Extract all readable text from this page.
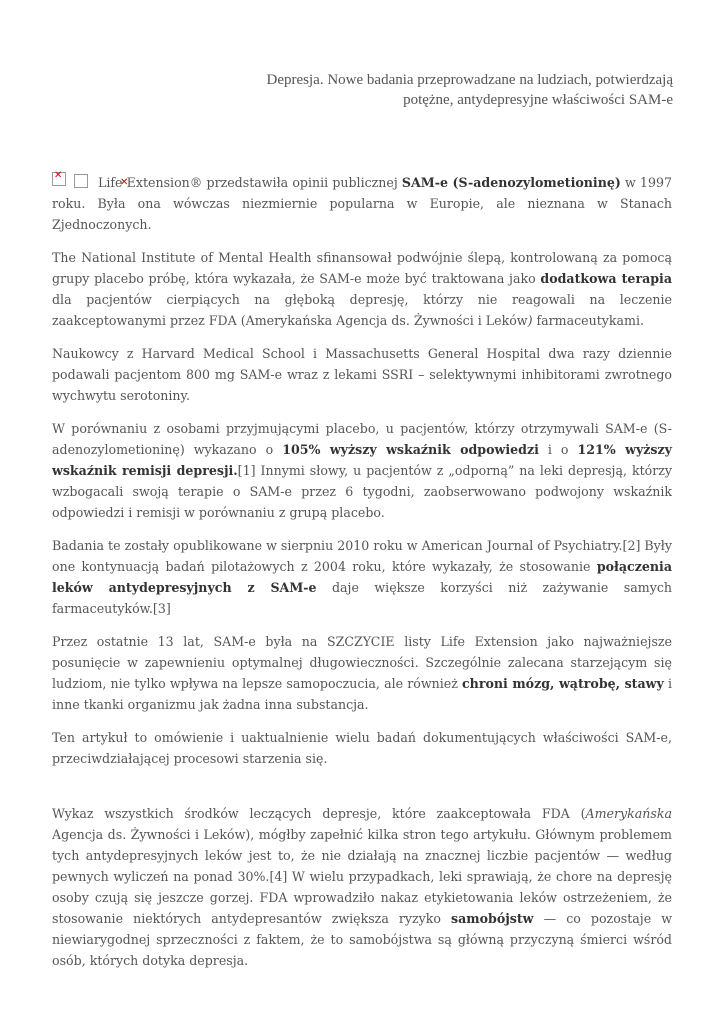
Depresja. Nowe badania przeprowadzane na ludziach, potwierdzają
potężne, antydepresyjne właściwości SAM-e
✕

✕Life Extension® przedstawiła opinii publicznej SAM-e (S-adenozylometioninę) w 1997 roku. Była ona wówczas niezmiernie popularna w Europie, ale nieznana w Stanach Zjednoczonych.

The National Institute of Mental Health sfinansował podwójnie ślepą, kontrolowaną za pomocą grupy placebo próbę, która wykazała, że SAM-e może być traktowana jako dodatkowa terapia dla pacjentów cierpiących na głęboką depresję, którzy nie reagowali na leczenie zaakceptowanymi przez FDA (Amerykańska Agencja ds. Żywności i Leków) farmaceutykami.

Naukowcy z Harvard Medical School i Massachusetts General Hospital dwa razy dziennie podawali pacjentom 800 mg SAM-e wraz z lekami SSRI – selektywnymi inhibitorami zwrotnego wychwytu serotoniny.

W porównaniu z osobami przyjmującymi placebo, u pacjentów, którzy otrzymywali SAM-e (S-adenozylometioninę) wykazano o 105% wyższy wskaźnik odpowiedzi i o 121% wyższy wskaźnik remisji depresji.[1] Innymi słowy, u pacjentów z „odporną” na leki depresją, którzy wzbogacali swoją terapie o SAM-e przez 6 tygodni, zaobserwowano podwojony wskaźnik odpowiedzi i remisji w porównaniu z grupą placebo.

Badania te zostały opublikowane w sierpniu 2010 roku w American Journal of Psychiatry.[2] Były one kontynuacją badań pilotażowych z 2004 roku, które wykazały, że stosowanie połączenia leków antydepresyjnych z SAM-e daje większe korzyści niż zażywanie samych farmaceutyków.[3]

Przez ostatnie 13 lat, SAM-e była na SZCZYCIE listy Life Extension jako najważniejsze posunięcie w zapewnieniu optymalnej długowieczności. Szczególnie zalecana starzejącym się ludziom, nie tylko wpływa na lepsze samopoczucia, ale również chroni mózg, wątrobę, stawy i inne tkanki organizmu jak żadna inna substancja.

Ten artykuł to omówienie i uaktualnienie wielu badań dokumentujących właściwości SAM-e, przeciwdziałającej procesowi starzenia się.

Wykaz wszystkich środków leczących depresje, które zaakceptowała FDA (Amerykańska Agencja ds. Żywności i Leków), mógłby zapełnić kilka stron tego artykułu. Głównym problemem tych antydepresyjnych leków jest to, że nie działają na znacznej liczbie pacjentów — według pewnych wyliczeń na ponad 30%.[4] W wielu przypadkach, leki sprawiają, że chore na depresję osoby czują się jeszcze gorzej. FDA wprowadziło nakaz etykietowania leków ostrzeżeniem, że stosowanie niektórych antydepresantów zwiększa ryzyko samobójstw — co pozostaje w niewiarygodnej sprzeczności z faktem, że to samobójstwa są główną przyczyną śmierci wśród osób, których dotyka depresja.
